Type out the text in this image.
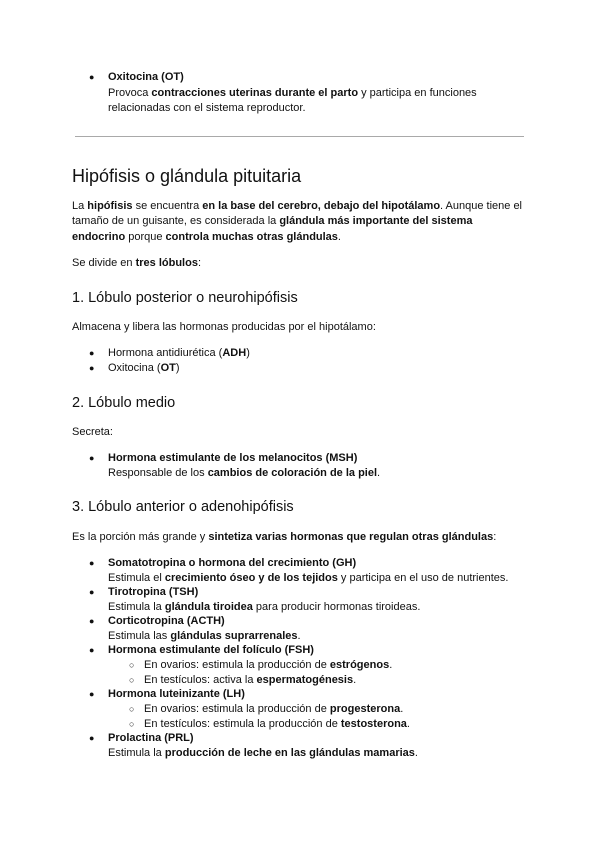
● Oxitocina (OT)
Provoca contracciones uterinas durante el parto y participa en funciones
relacionadas con el sistema reproductor.
Hipófisis o glándula pituitaria
La hipófisis se encuentra en la base del cerebro, debajo del hipotálamo. Aunque tiene el
tamaño de un guisante, es considerada la glándula más importante del sistema
endocrino porque controla muchas otras glándulas.
Se divide en tres lóbulos:
1. Lóbulo posterior o neurohipófisis
Almacena y libera las hormonas producidas por el hipotálamo:
● Hormona antidiurética (ADH)
● Oxitocina (OT)
2. Lóbulo medio
Secreta:
● Hormona estimulante de los melanocitos (MSH)
Responsable de los cambios de coloración de la piel.
3. Lóbulo anterior o adenohipófisis
Es la porción más grande y sintetiza varias hormonas que regulan otras glándulas:
● Somatotropina o hormona del crecimiento (GH)
Estimula el crecimiento óseo y de los tejidos y participa en el uso de nutrientes.
● Tirotropina (TSH)
Estimula la glándula tiroidea para producir hormonas tiroideas.
● Corticotropina (ACTH)
Estimula las glándulas suprarrenales.
● Hormona estimulante del folículo (FSH)
○ En ovarios: estimula la producción de estrógenos.
○ En testículos: activa la espermatogénesis.
● Hormona luteinizante (LH)
○ En ovarios: estimula la producción de progesterona.
○ En testículos: estimula la producción de testosterona.
● Prolactina (PRL)
Estimula la producción de leche en las glándulas mamarias.
